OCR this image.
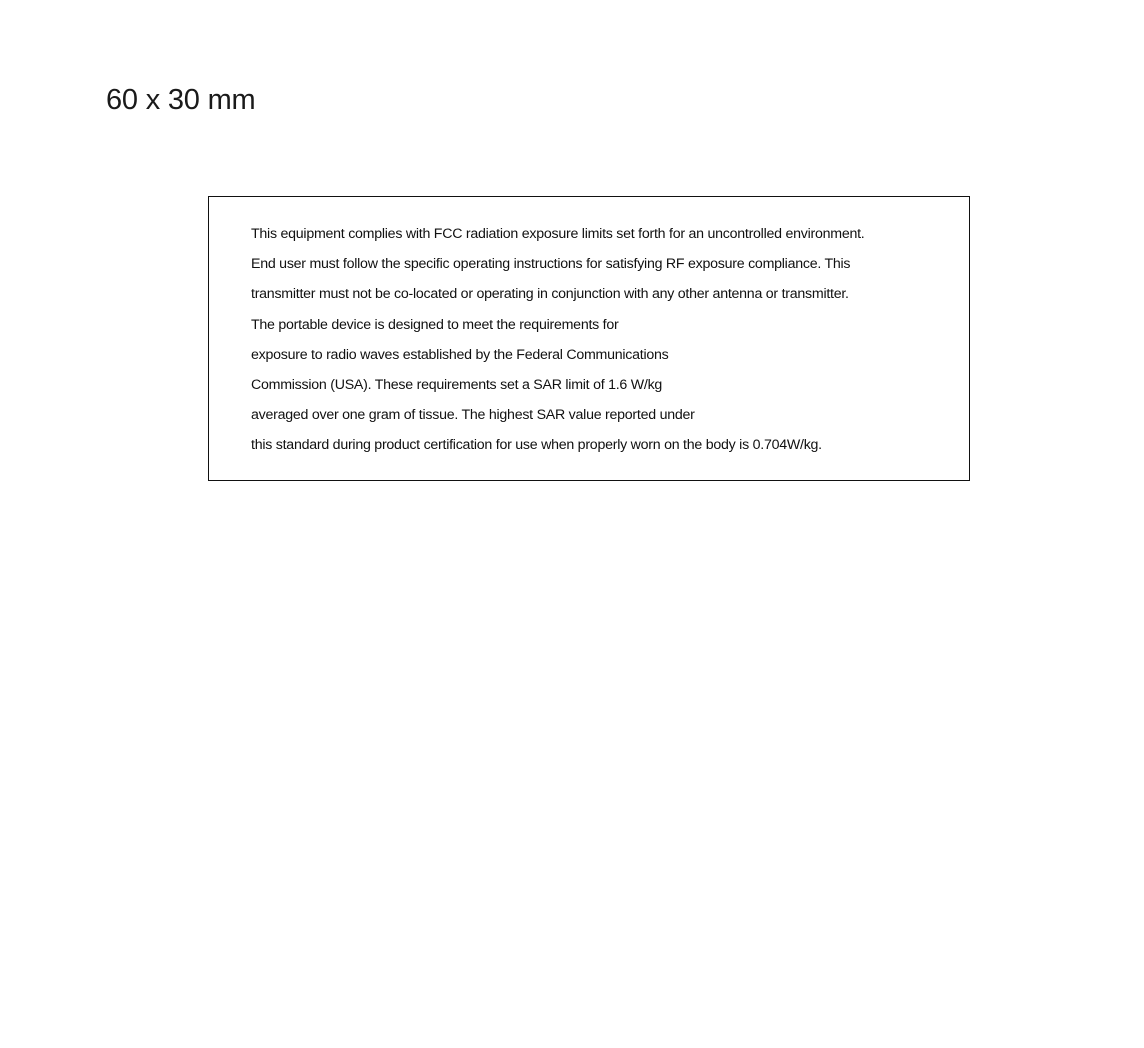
60 x 30 mm
This equipment complies with FCC radiation exposure limits set forth for an uncontrolled environment.
End user must follow the specific operating instructions for satisfying RF exposure compliance. This
transmitter must not be co-located or operating in conjunction with any other antenna or transmitter.
The portable device is designed to meet the requirements for
exposure to radio waves established by the Federal Communications
Commission (USA). These requirements set a SAR limit of 1.6 W/kg
averaged over one gram of tissue. The highest SAR value reported under
this standard during product certification for use when properly worn on the body is 0.704W/kg.
